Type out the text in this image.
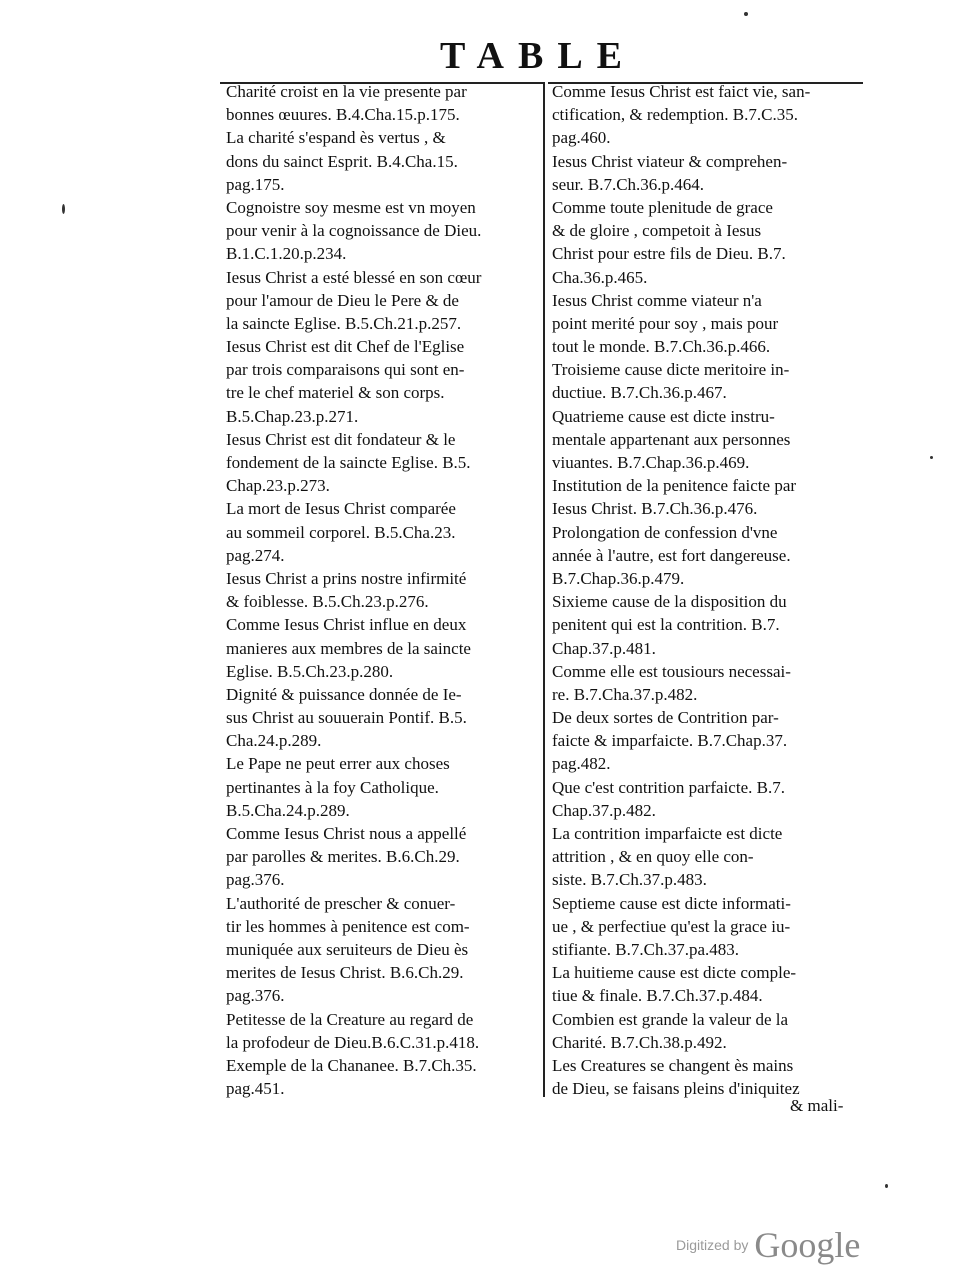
TABLE
Charité croist en la vie presente par
bonnes œuures. B.4.Cha.15.p.175.
La charité s'espand ès vertus , &
dons du sainct Esprit. B.4.Cha.15.
pag.175.
Cognoistre soy mesme est vn moyen
pour venir à la cognoissance de Dieu.
B.1.C.1.20.p.234.
Iesus Christ a esté blessé en son cœur
pour l'amour de Dieu le Pere & de
la saincte Eglise. B.5.Ch.21.p.257.
Iesus Christ est dit Chef de l'Eglise
par trois comparaisons qui sont en-
tre le chef materiel & son corps.
B.5.Chap.23.p.271.
Iesus Christ est dit fondateur & le
fondement de la saincte Eglise. B.5.
Chap.23.p.273.
La mort de Iesus Christ comparée
au sommeil corporel. B.5.Cha.23.
pag.274.
Iesus Christ a prins nostre infirmité
& foiblesse. B.5.Ch.23.p.276.
Comme Iesus Christ influe en deux
manieres aux membres de la saincte
Eglise. B.5.Ch.23.p.280.
Dignité & puissance donnée de Ie-
sus Christ au souuerain Pontif. B.5.
Cha.24.p.289.
Le Pape ne peut errer aux choses
pertinantes à la foy Catholique.
B.5.Cha.24.p.289.
Comme Iesus Christ nous a appellé
par parolles & merites. B.6.Ch.29.
pag.376.
L'authorité de prescher & conuer-
tir les hommes à penitence est com-
muniquée aux seruiteurs de Dieu ès
merites de Iesus Christ. B.6.Ch.29.
pag.376.
Petitesse de la Creature au regard de
la profodeur de Dieu.B.6.C.31.p.418.
Exemple de la Chananee. B.7.Ch.35.
pag.451.
Comme Iesus Christ est faict vie, san-
ctification, & redemption. B.7.C.35.
pag.460.
Iesus Christ viateur & comprehen-
seur. B.7.Ch.36.p.464.
Comme toute plenitude de grace
& de gloire , competoit à Iesus
Christ pour estre fils de Dieu. B.7.
Cha.36.p.465.
Iesus Christ comme viateur n'a
point merité pour soy , mais pour
tout le monde. B.7.Ch.36.p.466.
Troisieme cause dicte meritoire in-
ductiue. B.7.Ch.36.p.467.
Quatrieme cause est dicte instru-
mentale appartenant aux personnes
viuantes. B.7.Chap.36.p.469.
Institution de la penitence faicte par
Iesus Christ. B.7.Ch.36.p.476.
Prolongation de confession d'vne
année à l'autre, est fort dangereuse.
B.7.Chap.36.p.479.
Sixieme cause de la disposition du
penitent qui est la contrition. B.7.
Chap.37.p.481.
Comme elle est tousiours necessai-
re. B.7.Cha.37.p.482.
De deux sortes de Contrition par-
faicte & imparfaicte. B.7.Chap.37.
pag.482.
Que c'est contrition parfaicte. B.7.
Chap.37.p.482.
La contrition imparfaicte est dicte
attrition , & en quoy elle con-
siste. B.7.Ch.37.p.483.
Septieme cause est dicte informati-
ue , & perfectiue qu'est la grace iu-
stifiante. B.7.Ch.37.pa.483.
La huitieme cause est dicte comple-
tiue & finale. B.7.Ch.37.p.484.
Combien est grande la valeur de la
Charité. B.7.Ch.38.p.492.
Les Creatures se changent ès mains
de Dieu, se faisans pleins d'iniquitez
& mali-
Digitized by Google
